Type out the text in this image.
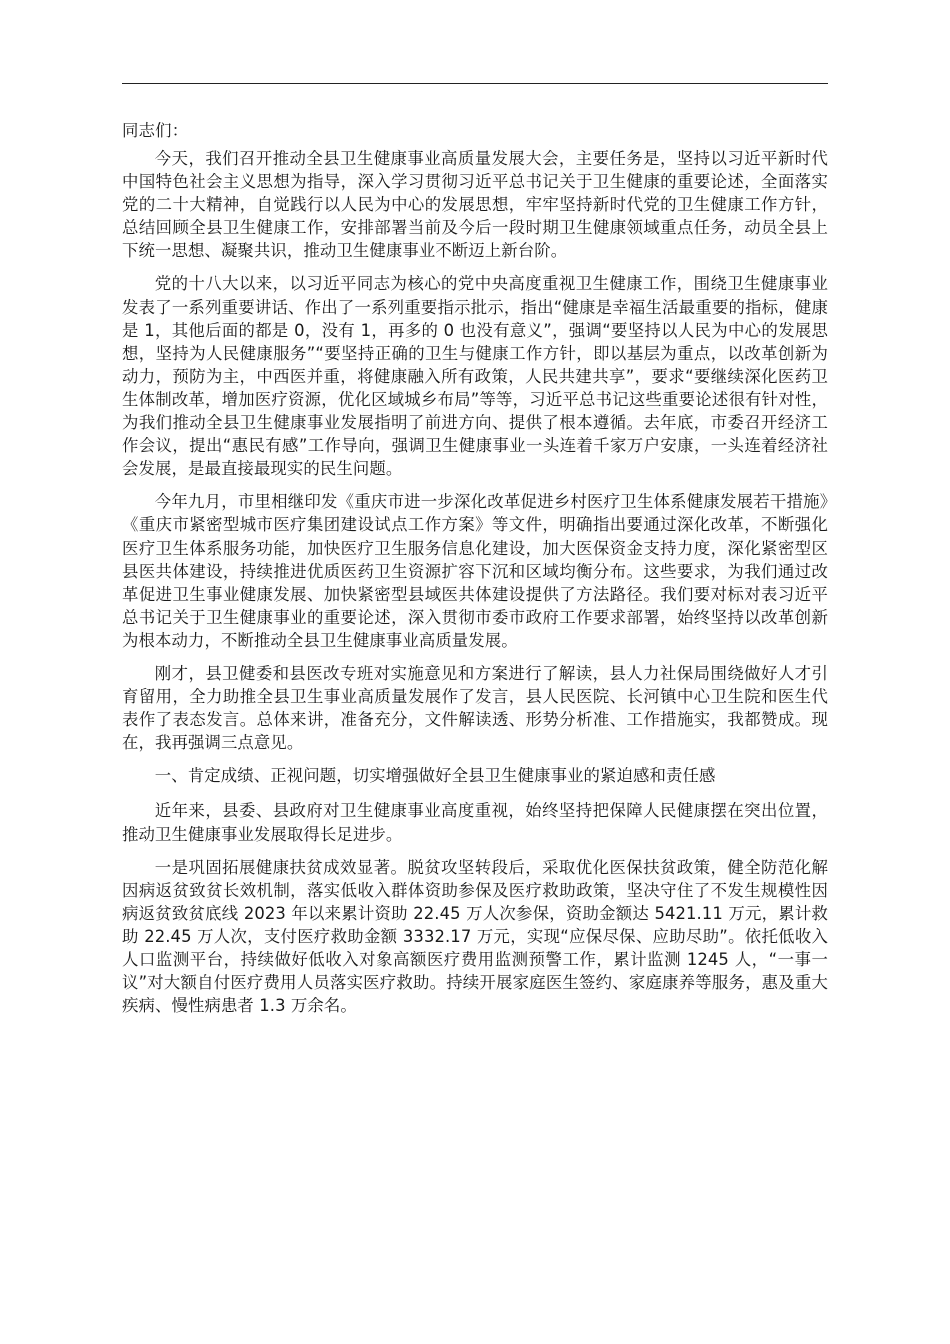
同志们：

今天，我们召开推动全县卫生健康事业高质量发展大会，主要任务是，坚持以习近平新时代中国特色社会主义思想为指导，深入学习贯彻习近平总书记关于卫生健康的重要论述，全面落实党的二十大精神，自觉践行以人民为中心的发展思想，牢牢坚持新时代党的卫生健康工作方针，总结回顾全县卫生健康工作，安排部署当前及今后一段时期卫生健康领域重点任务，动员全县上下统一思想、凝聚共识，推动卫生健康事业不断迈上新台阶。

党的十八大以来，以习近平同志为核心的党中央高度重视卫生健康工作，围绕卫生健康事业发表了一系列重要讲话、作出了一系列重要指示批示，指出“健康是幸福生活最重要的指标，健康是 1，其他后面的都是 0，没有 1，再多的 0 也没有意义”，强调“要坚持以人民为中心的发展思想，坚持为人民健康服务”“要坚持正确的卫生与健康工作方针，即以基层为重点，以改革创新为动力，预防为主，中西医并重，将健康融入所有政策，人民共建共享”，要求“要继续深化医药卫生体制改革，增加医疗资源，优化区域城乡布局”等等，习近平总书记这些重要论述很有针对性，为我们推动全县卫生健康事业发展指明了前进方向、提供了根本遵循。去年底，市委召开经济工作会议，提出“惠民有感”工作导向，强调卫生健康事业一头连着千家万户安康，一头连着经济社会发展，是最直接最现实的民生问题。

今年九月，市里相继印发《重庆市进一步深化改革促进乡村医疗卫生体系健康发展若干措施》《重庆市紧密型城市医疗集团建设试点工作方案》等文件，明确指出要通过深化改革，不断强化医疗卫生体系服务功能，加快医疗卫生服务信息化建设，加大医保资金支持力度，深化紧密型区县医共体建设，持续推进优质医药卫生资源扩容下沉和区域均衡分布。这些要求，为我们通过改革促进卫生事业健康发展、加快紧密型县域医共体建设提供了方法路径。我们要对标对表习近平总书记关于卫生健康事业的重要论述，深入贯彻市委市政府工作要求部署，始终坚持以改革创新为根本动力，不断推动全县卫生健康事业高质量发展。

刚才，县卫健委和县医改专班对实施意见和方案进行了解读，县人力社保局围绕做好人才引育留用，全力助推全县卫生事业高质量发展作了发言，县人民医院、长河镇中心卫生院和医生代表作了表态发言。总体来讲，准备充分，文件解读透、形势分析准、工作措施实，我都赞成。现在，我再强调三点意见。

一、肯定成绩、正视问题，切实增强做好全县卫生健康事业的紧迫感和责任感

近年来，县委、县政府对卫生健康事业高度重视，始终坚持把保障人民健康摆在突出位置，推动卫生健康事业发展取得长足进步。

一是巩固拓展健康扶贫成效显著。脱贫攻坚转段后，采取优化医保扶贫政策，健全防范化解因病返贫致贫长效机制，落实低收入群体资助参保及医疗救助政策，坚决守住了不发生规模性因病返贫致贫底线 2023 年以来累计资助 22.45 万人次参保，资助金额达 5421.11 万元，累计救助 22.45 万人次，支付医疗救助金额 3332.17 万元，实现“应保尽保、应助尽助”。依托低收入人口监测平台，持续做好低收入对象高额医疗费用监测预警工作，累计监测 1245 人，“一事一议”对大额自付医疗费用人员落实医疗救助。持续开展家庭医生签约、家庭康养等服务，惠及重大疾病、慢性病患者 1.3 万余名。
